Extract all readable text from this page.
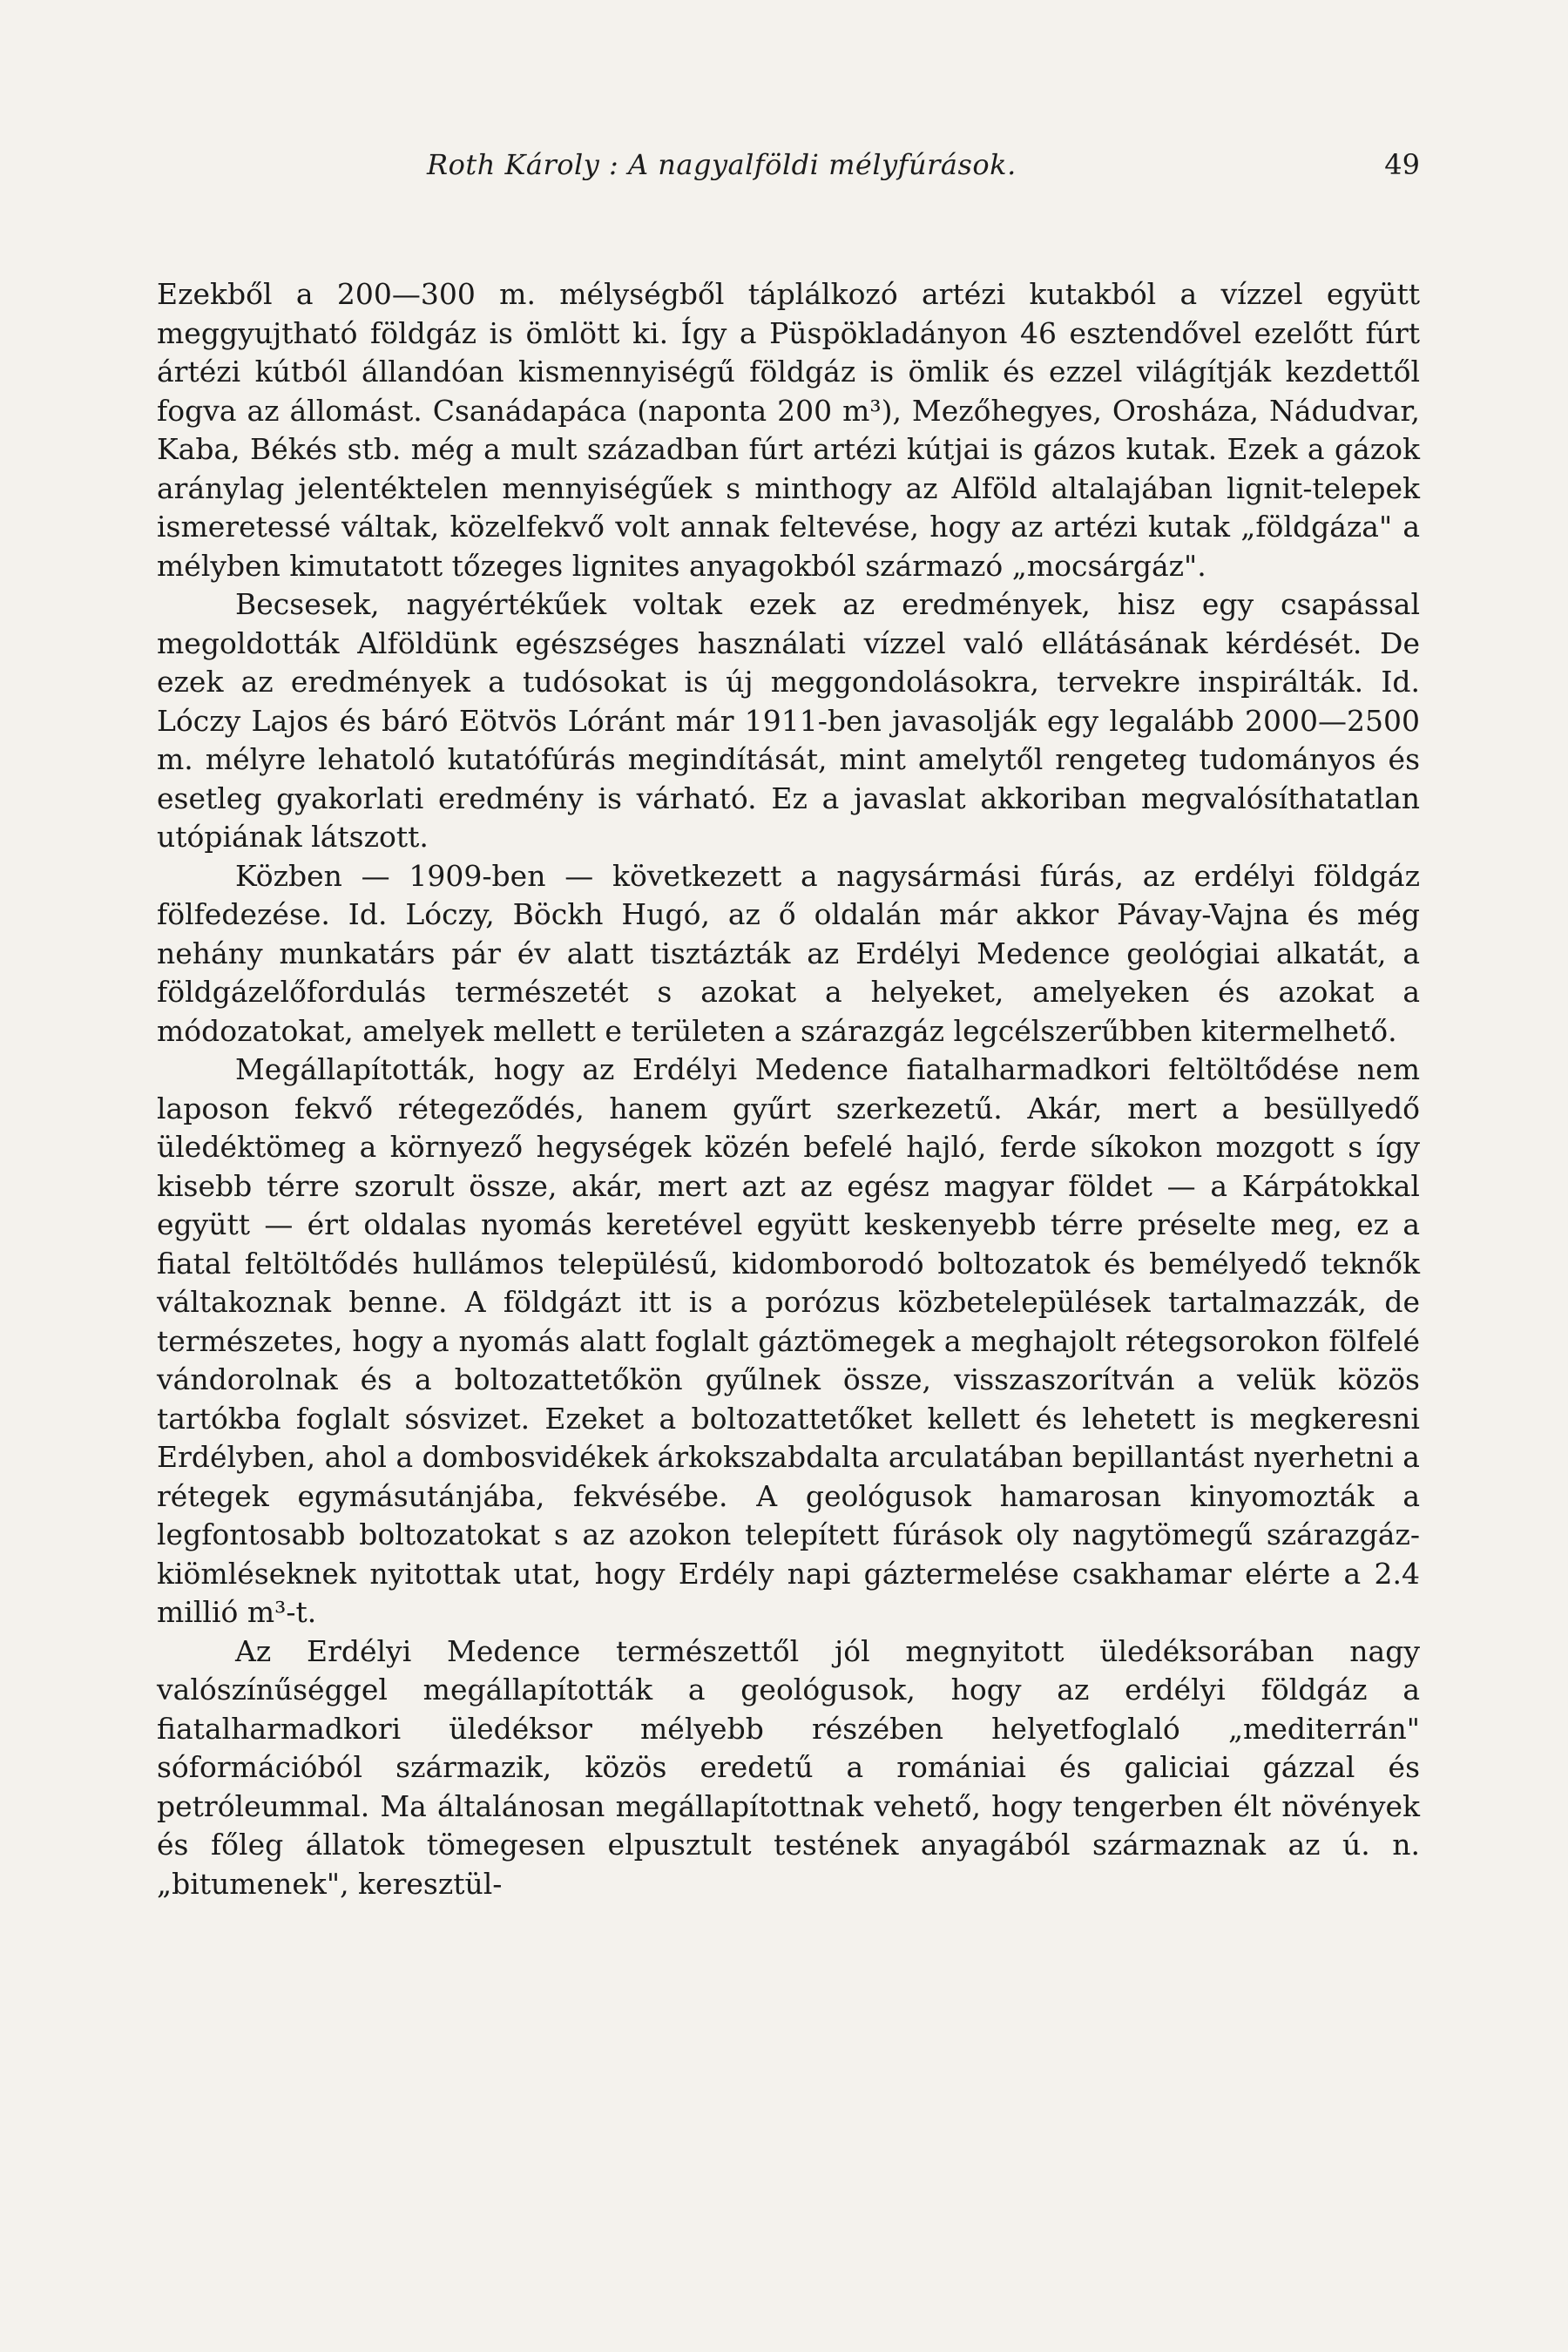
Roth Károly : A nagyalföldi mélyfúrások.	49

Ezekből a 200—300 m. mélységből táplálkozó artézi kutakból a vízzel együtt meggyujtható földgáz is ömlött ki. Így a Püspökladányon 46 esztendővel ezelőtt fúrt ártézi kútból állandóan kismennyiségű földgáz is ömlik és ezzel világítják kezdettől fogva az állomást. Csanádapáca (naponta 200 m³), Mezőhegyes, Orosháza, Nádudvar, Kaba, Békés stb. még a mult században fúrt artézi kútjai is gázos kutak. Ezek a gázok aránylag jelentéktelen mennyiségűek s minthogy az Alföld altalajában lignit-telepek ismeretessé váltak, közelfekvő volt annak feltevése, hogy az artézi kutak „földgáza" a mélyben kimutatott tőzeges lignites anyagokból származó „mocsárgáz".

Becsesek, nagyértékűek voltak ezek az eredmények, hisz egy csapással megoldották Alföldünk egészséges használati vízzel való ellátásának kérdését. De ezek az eredmények a tudósokat is új meggondolásokra, tervekre inspirálták. Id. Lóczy Lajos és báró Eötvös Lóránt már 1911-ben javasolják egy legalább 2000—2500 m. mélyre lehatoló kutatófúrás megindítását, mint amelytől rengeteg tudományos és esetleg gyakorlati eredmény is várható. Ez a javaslat akkoriban megvalósíthatatlan utópiának látszott.

Közben — 1909-ben — következett a nagysármási fúrás, az erdélyi földgáz fölfedezése. Id. Lóczy, Böckh Hugó, az ő oldalán már akkor Pávay-Vajna és még nehány munkatárs pár év alatt tisztázták az Erdélyi Medence geológiai alkatát, a földgázelőfordulás természetét s azokat a helyeket, amelyeken és azokat a módozatokat, amelyek mellett e területen a szárazgáz legcélszerűbben kitermelhető.

Megállapították, hogy az Erdélyi Medence fiatalharmadkori feltöltődése nem laposon fekvő rétegeződés, hanem gyűrt szerkezetű. Akár, mert a besüllyedő üledéktömeg a környező hegységek közén befelé hajló, ferde síkokon mozgott s így kisebb térre szorult össze, akár, mert azt az egész magyar földet — a Kárpátokkal együtt — ért oldalas nyomás keretével együtt keskenyebb térre préselte meg, ez a fiatal feltöltődés hullámos településű, kidomborodó boltozatok és bemélyedő teknők váltakoznak benne. A földgázt itt is a porózus közbetelepülések tartalmazzák, de természetes, hogy a nyomás alatt foglalt gáztömegek a meghajolt rétegsorokon fölfelé vándorolnak és a boltozattetőkön gyűlnek össze, visszaszorítván a velük közös tartókba foglalt sósvizet. Ezeket a boltozattetőket kellett és lehetett is megkeresni Erdélyben, ahol a dombosvidékek árkokszabdalta arculatában bepillantást nyerhetni a rétegek egymásutánjába, fekvésébe. A geológusok hamarosan kinyomozták a legfontosabb boltozatokat s az azokon telepített fúrások oly nagytömegű szárazgáz-kiömléseknek nyitottak utat, hogy Erdély napi gáztermelése csakhamar elérte a 2.4 millió m³-t.

Az Erdélyi Medence természettől jól megnyitott üledéksorában nagy valószínűséggel megállapították a geológusok, hogy az erdélyi földgáz a fiatalharmadkori üledéksor mélyebb részében helyetfoglaló „mediterrán" sóformációból származik, közös eredetű a romániai és galiciai gázzal és petróleummal. Ma általánosan megállapítottnak vehető, hogy tengerben élt növények és főleg állatok tömegesen elpusztult testének anyagából származnak az ú. n. „bitumenek", keresztül-
